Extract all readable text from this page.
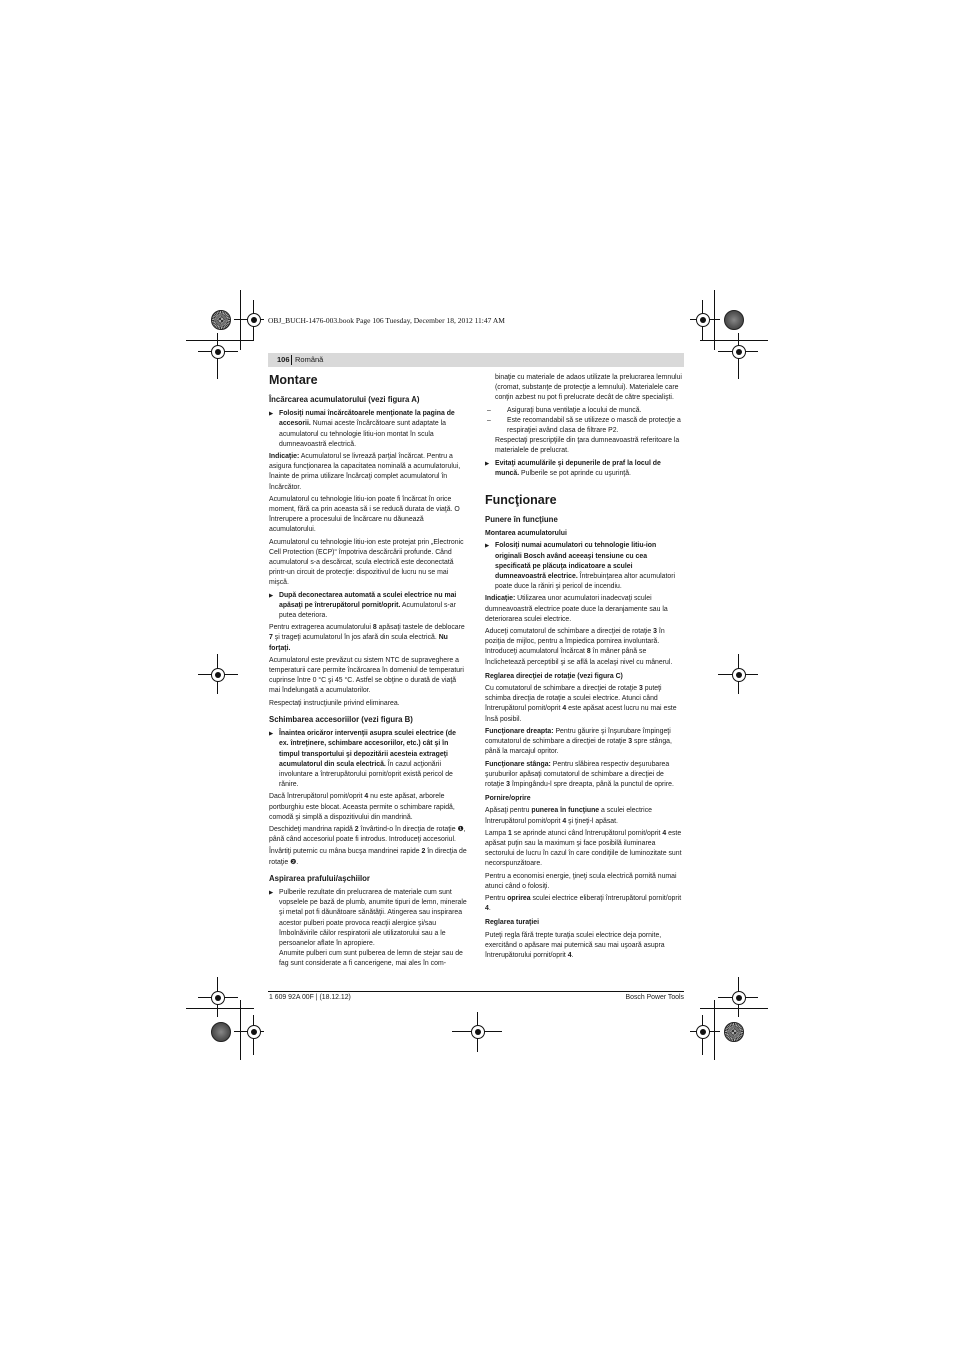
OBJ_BUCH-1476-003.book Page 106 Tuesday, December 18, 2012 11:47 AM
106 Română
Montare
Încărcarea acumulatorului (vezi figura A)

▶ Folosiţi numai încărcătoarele menţionate la pagina de accesorii. Numai aceste încărcătoare sunt adaptate la acumulatorul cu tehnologie litiu-ion montat în scula dumneavoastră electrică.

Indicaţie: Acumulatorul se livrează parţial încărcat. Pentru a asigura funcţionarea la capacitatea nominală a acumulatorului, înainte de prima utilizare încărcaţi complet acumulatorul în încărcător.

Acumulatorul cu tehnologie litiu-ion poate fi încărcat în orice moment, fără ca prin aceasta să i se reducă durata de viaţă. O întrerupere a procesului de încărcare nu dăunează acumulatorului.

Acumulatorul cu tehnologie litiu-ion este protejat prin „Electronic Cell Protection (ECP)“ împotriva descărcării profunde. Când acumulatorul s-a descărcat, scula electrică este deconectată printr-un circuit de protecţie: dispozitivul de lucru nu se mai mişcă.

▶ După deconectarea automată a sculei electrice nu mai apăsaţi pe întrerupătorul pornit/oprit. Acumulatorul s-ar putea deteriora.

Pentru extragerea acumulatorului 8 apăsaţi tastele de deblocare 7 şi trageţi acumulatorul în jos afară din scula electrică. Nu forţaţi.

Acumulatorul este prevăzut cu sistem NTC de supraveghere a temperaturii care permite încărcarea în domeniul de temperaturi cuprinse între 0 °C şi 45 °C. Astfel se obţine o durată de viaţă mai îndelungată a acumulatorilor.

Respectaţi instrucţiunile privind eliminarea.

Schimbarea accesoriilor (vezi figura B)

▶ Înaintea oricăror intervenţii asupra sculei electrice (de ex. întreţinere, schimbare accesoriilor, etc.) cât şi în timpul transportului şi depozitării acesteia extrageţi acumulatorul din scula electrică. În cazul acţionării involuntare a întrerupătorului pornit/oprit există pericol de rănire.

Dacă întrerupătorul pornit/oprit 4 nu este apăsat, arborele portburghiu este blocat. Aceasta permite o schimbare rapidă, comodă şi simplă a dispozitivului din mandrină.

Deschideţi mandrina rapidă 2 învârtind-o în direcţia de rotaţie ❶, până când accesoriul poate fi introdus. Introduceţi accesoriul.

Învârtiţi puternic cu mâna bucşa mandrinei rapide 2 în direcţia de rotaţie ❷.

Aspirarea prafului/aşchiilor

▶ Pulberile rezultate din prelucrarea de materiale cum sunt vopselele pe bază de plumb, anumite tipuri de lemn, minerale şi metal pot fi dăunătoare sănătăţii. Atingerea sau inspirarea acestor pulberi poate provoca reacţii alergice şi/sau îmbolnăvirile căilor respiratorii ale utilizatorului sau a le persoanelor aflate în apropiere.

Anumite pulberi cum sunt pulberea de lemn de stejar sau de fag sunt considerate a fi cancerigene, mai ales în com-

binaţie cu materiale de adaos utilizate la prelucrarea lemnului (cromat, substanţe de protecţie a lemnului). Materialele care conţin azbest nu pot fi prelucrate decât de către specialişti.

– Asiguraţi buna ventilaţie a locului de muncă.

– Este recomandabil să se utilizeze o mască de protecţie a respiraţiei având clasa de filtrare P2.

Respectaţi prescripţiile din ţara dumneavoastră referitoare la materialele de prelucrat.

▶ Evitaţi acumulările şi depunerile de praf la locul de muncă. Pulberile se pot aprinde cu uşurinţă.

Funcţionare
Punere în funcţiune
Montarea acumulatorului

▶ Folosiţi numai acumulatori cu tehnologie litiu-ion originali Bosch având aceeaşi tensiune cu cea specificată pe plăcuţa indicatoare a sculei dumneavoastră electrice. Întrebuinţarea altor acumulatori poate duce la răniri şi pericol de incendiu.

Indicaţie: Utilizarea unor acumulatori inadecvaţi sculei dumneavoastră electrice poate duce la deranjamente sau la deteriorarea sculei electrice.

Aduceţi comutatorul de schimbare a direcţiei de rotaţie 3 în poziţia de mijloc, pentru a împiedica pornirea involuntară. Introduceţi acumulatorul încărcat 8 în mâner până se înclichetează perceptibil şi se află la acelaşi nivel cu mânerul.

Reglarea direcţiei de rotaţie (vezi figura C)

Cu comutatorul de schimbare a direcţiei de rotaţie 3 puteţi schimba direcţia de rotaţie a sculei electrice. Atunci când întrerupătorul pornit/oprit 4 este apăsat acest lucru nu mai este însă posibil.

Funcţionare dreapta: Pentru găurire şi înşurubare împingeţi comutatorul de schimbare a direcţiei de rotaţie 3 spre stânga, până la marcajul opritor.

Funcţionare stânga: Pentru slăbirea respectiv deşurubarea şuruburilor apăsaţi comutatorul de schimbare a direcţiei de rotaţie 3 împingându-l spre dreapta, până la punctul de oprire.

Pornire/oprire

Apăsaţi pentru punerea în funcţiune a sculei electrice întrerupătorul pornit/oprit 4 şi ţineţi-l apăsat.

Lampa 1 se aprinde atunci când întrerupătorul pornit/oprit 4 este apăsat puţin sau la maximum şi face posibilă iluminarea sectorului de lucru în cazul în care condiţiile de luminozitate sunt necorspunzătoare.

Pentru a economisi energie, ţineţi scula electrică pornită numai atunci când o folosiţi.

Pentru oprirea sculei electrice eliberaţi întrerupătorul pornit/oprit 4.

Reglarea turaţiei

Puteţi regla fără trepte turaţia sculei electrice deja pornite, exercitând o apăsare mai puternică sau mai uşoară asupra întrerupătorului pornit/oprit 4.

1 609 92A 00F | (18.12.12)	Bosch Power Tools
